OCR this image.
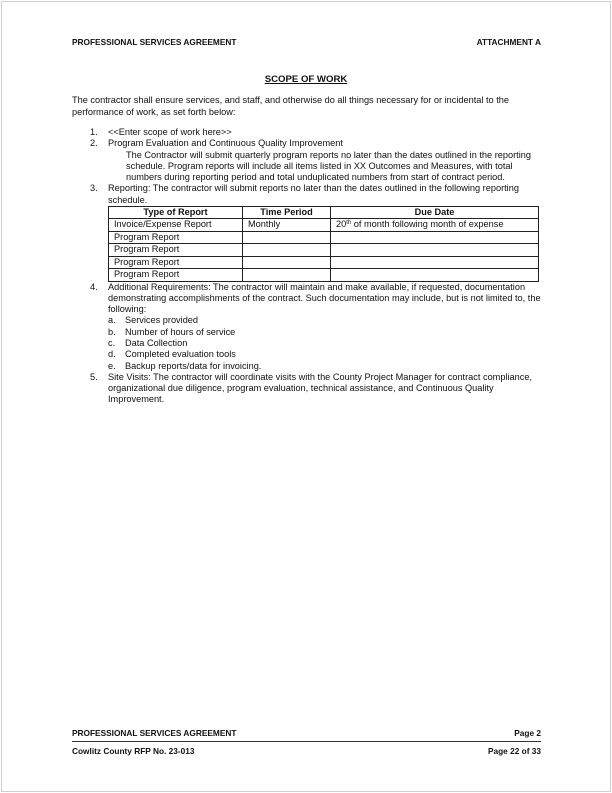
PROFESSIONAL SERVICES AGREEMENT	ATTACHMENT A
SCOPE OF WORK
The contractor shall ensure services, and staff, and otherwise do all things necessary for or incidental to the performance of work, as set forth below:
1. <<Enter scope of work here>>
2. Program Evaluation and Continuous Quality Improvement
The Contractor will submit quarterly program reports no later than the dates outlined in the reporting schedule. Program reports will include all items listed in XX Outcomes and Measures, with total numbers during reporting period and total unduplicated numbers from start of contract period.
3. Reporting: The contractor will submit reports no later than the dates outlined in the following reporting schedule.
Type of Report	Time Period	Due Date
Invoice/Expense Report	Monthly	20th of month following month of expense
Program Report		
Program Report		
Program Report		
Program Report		
4. Additional Requirements: The contractor will maintain and make available, if requested, documentation demonstrating accomplishments of the contract. Such documentation may include, but is not limited to, the following:
a. Services provided
b. Number of hours of service
c. Data Collection
d. Completed evaluation tools
e. Backup reports/data for invoicing.
5. Site Visits: The contractor will coordinate visits with the County Project Manager for contract compliance, organizational due diligence, program evaluation, technical assistance, and Continuous Quality Improvement.
PROFESSIONAL SERVICES AGREEMENT	Page 2
Cowlitz County RFP No. 23-013	Page 22 of 33
